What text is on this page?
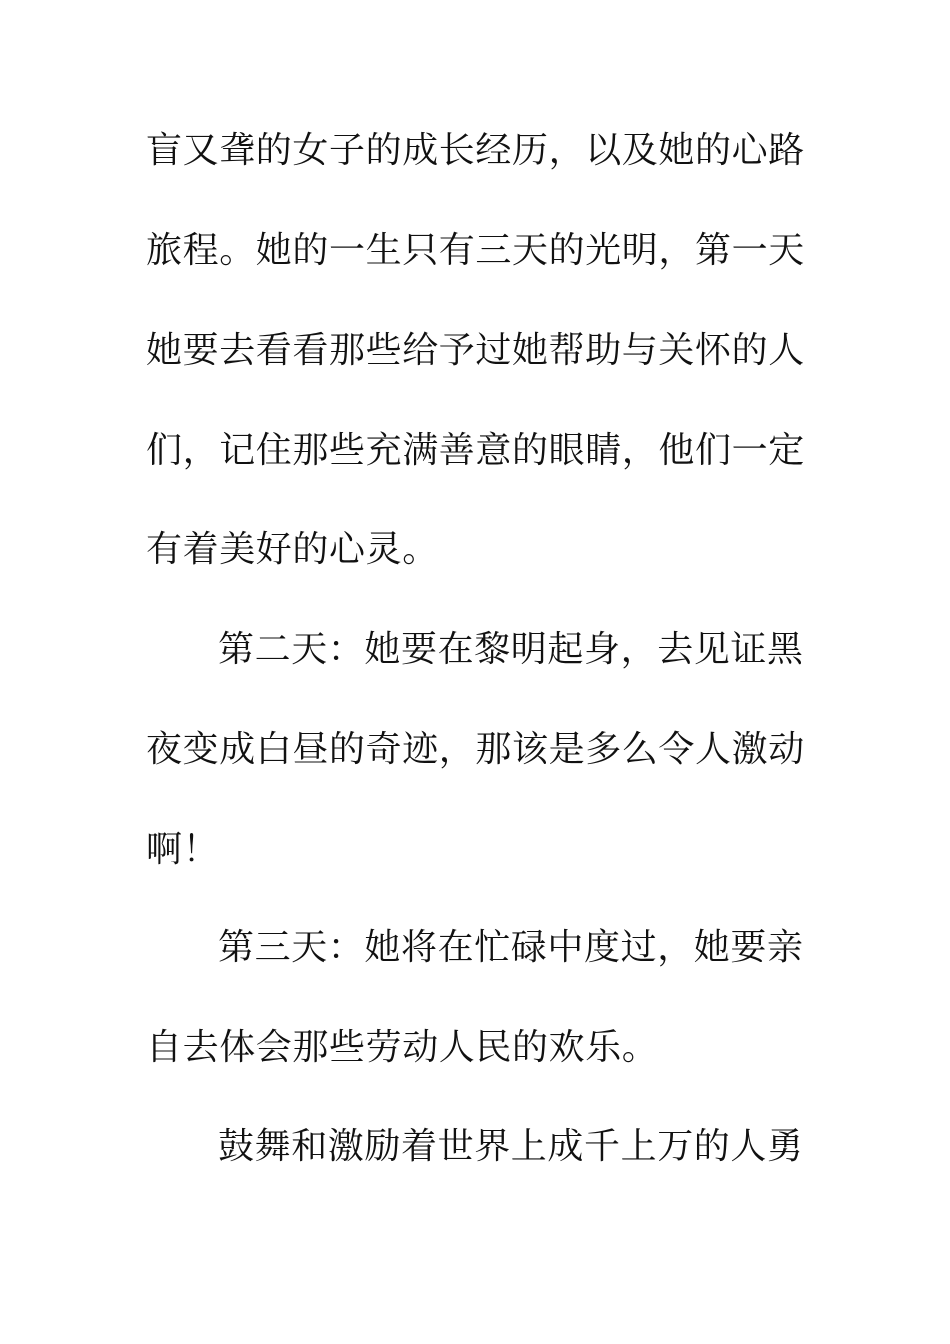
盲又聋的女子的成长经历，以及她的心路
旅程。她的一生只有三天的光明，第一天
她要去看看那些给予过她帮助与关怀的人
们，记住那些充满善意的眼睛，他们一定
有着美好的心灵。
第二天：她要在黎明起身，去见证黑
夜变成白昼的奇迹，那该是多么令人激动
啊！
第三天：她将在忙碌中度过，她要亲
自去体会那些劳动人民的欢乐。
鼓舞和激励着世界上成千上万的人勇
